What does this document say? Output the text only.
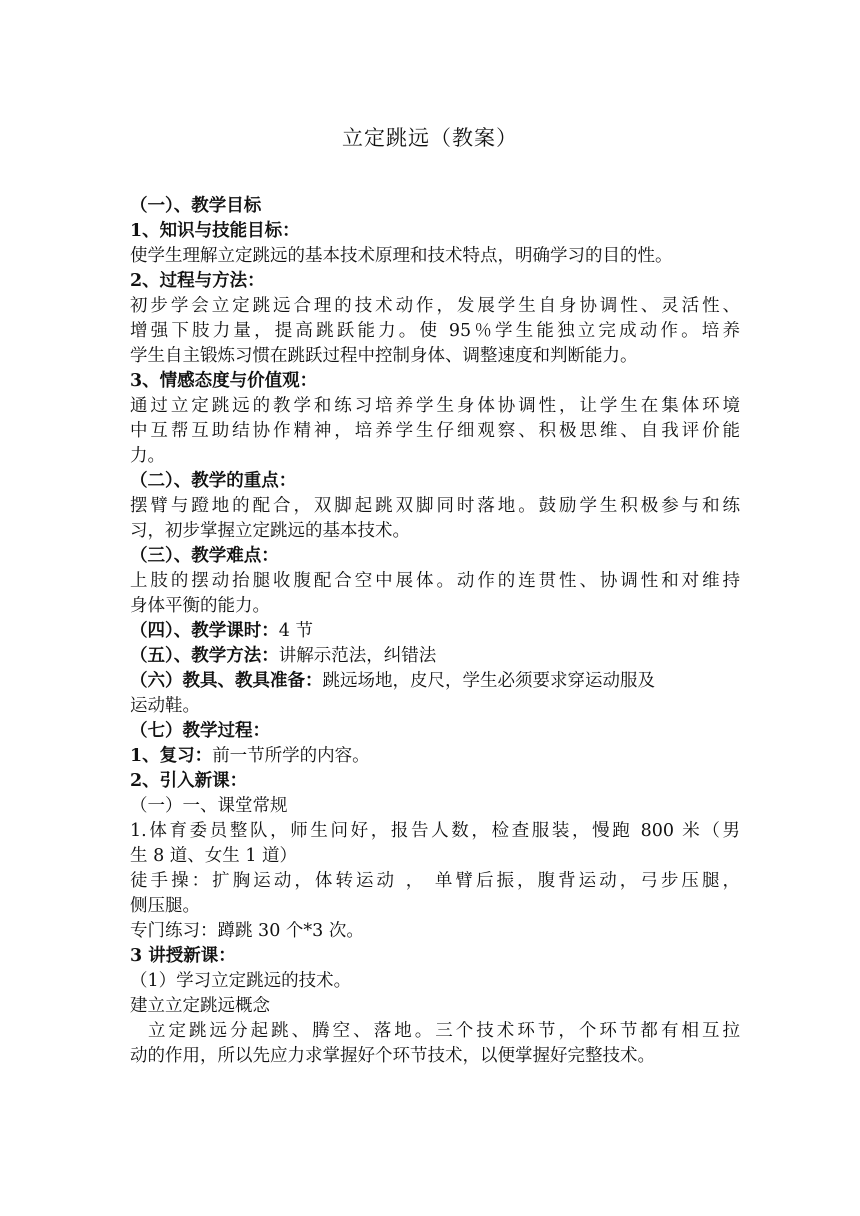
立定跳远（教案）
（一）、教学目标
1、知识与技能目标：
使学生理解立定跳远的基本技术原理和技术特点，明确学习的目的性。
2、过程与方法：
初步学会立定跳远合理的技术动作，发展学生自身协调性、灵活性、
增强下肢力量，提高跳跃能力。使 95％学生能独立完成动作。培养
学生自主锻炼习惯在跳跃过程中控制身体、调整速度和判断能力。
3、情感态度与价值观：
通过立定跳远的教学和练习培养学生身体协调性，让学生在集体环境
中互帮互助结协作精神，培养学生仔细观察、积极思维、自我评价能
力。
（二）、教学的重点：
摆臂与蹬地的配合，双脚起跳双脚同时落地。鼓励学生积极参与和练
习，初步掌握立定跳远的基本技术。
（三）、教学难点：
上肢的摆动抬腿收腹配合空中展体。动作的连贯性、协调性和对维持
身体平衡的能力。
（四）、教学课时：4 节
（五）、教学方法：讲解示范法，纠错法
（六）教具、教具准备：跳远场地，皮尺，学生必须要求穿运动服及
运动鞋。
（七）教学过程：
1、复习：前一节所学的内容。
2、引入新课：
（一）一、课堂常规
1.体育委员整队，师生问好，报告人数，检查服装，慢跑 800 米（男
生 8 道、女生 1 道）
徒手操：扩胸运动，体转运动 ， 单臂后振，腹背运动，弓步压腿，
侧压腿。
专门练习：蹲跳 30 个*3 次。
3 讲授新课：
（1）学习立定跳远的技术。
建立立定跳远概念
立定跳远分起跳、腾空、落地。三个技术环节，个环节都有相互拉
动的作用，所以先应力求掌握好个环节技术，以便掌握好完整技术。
